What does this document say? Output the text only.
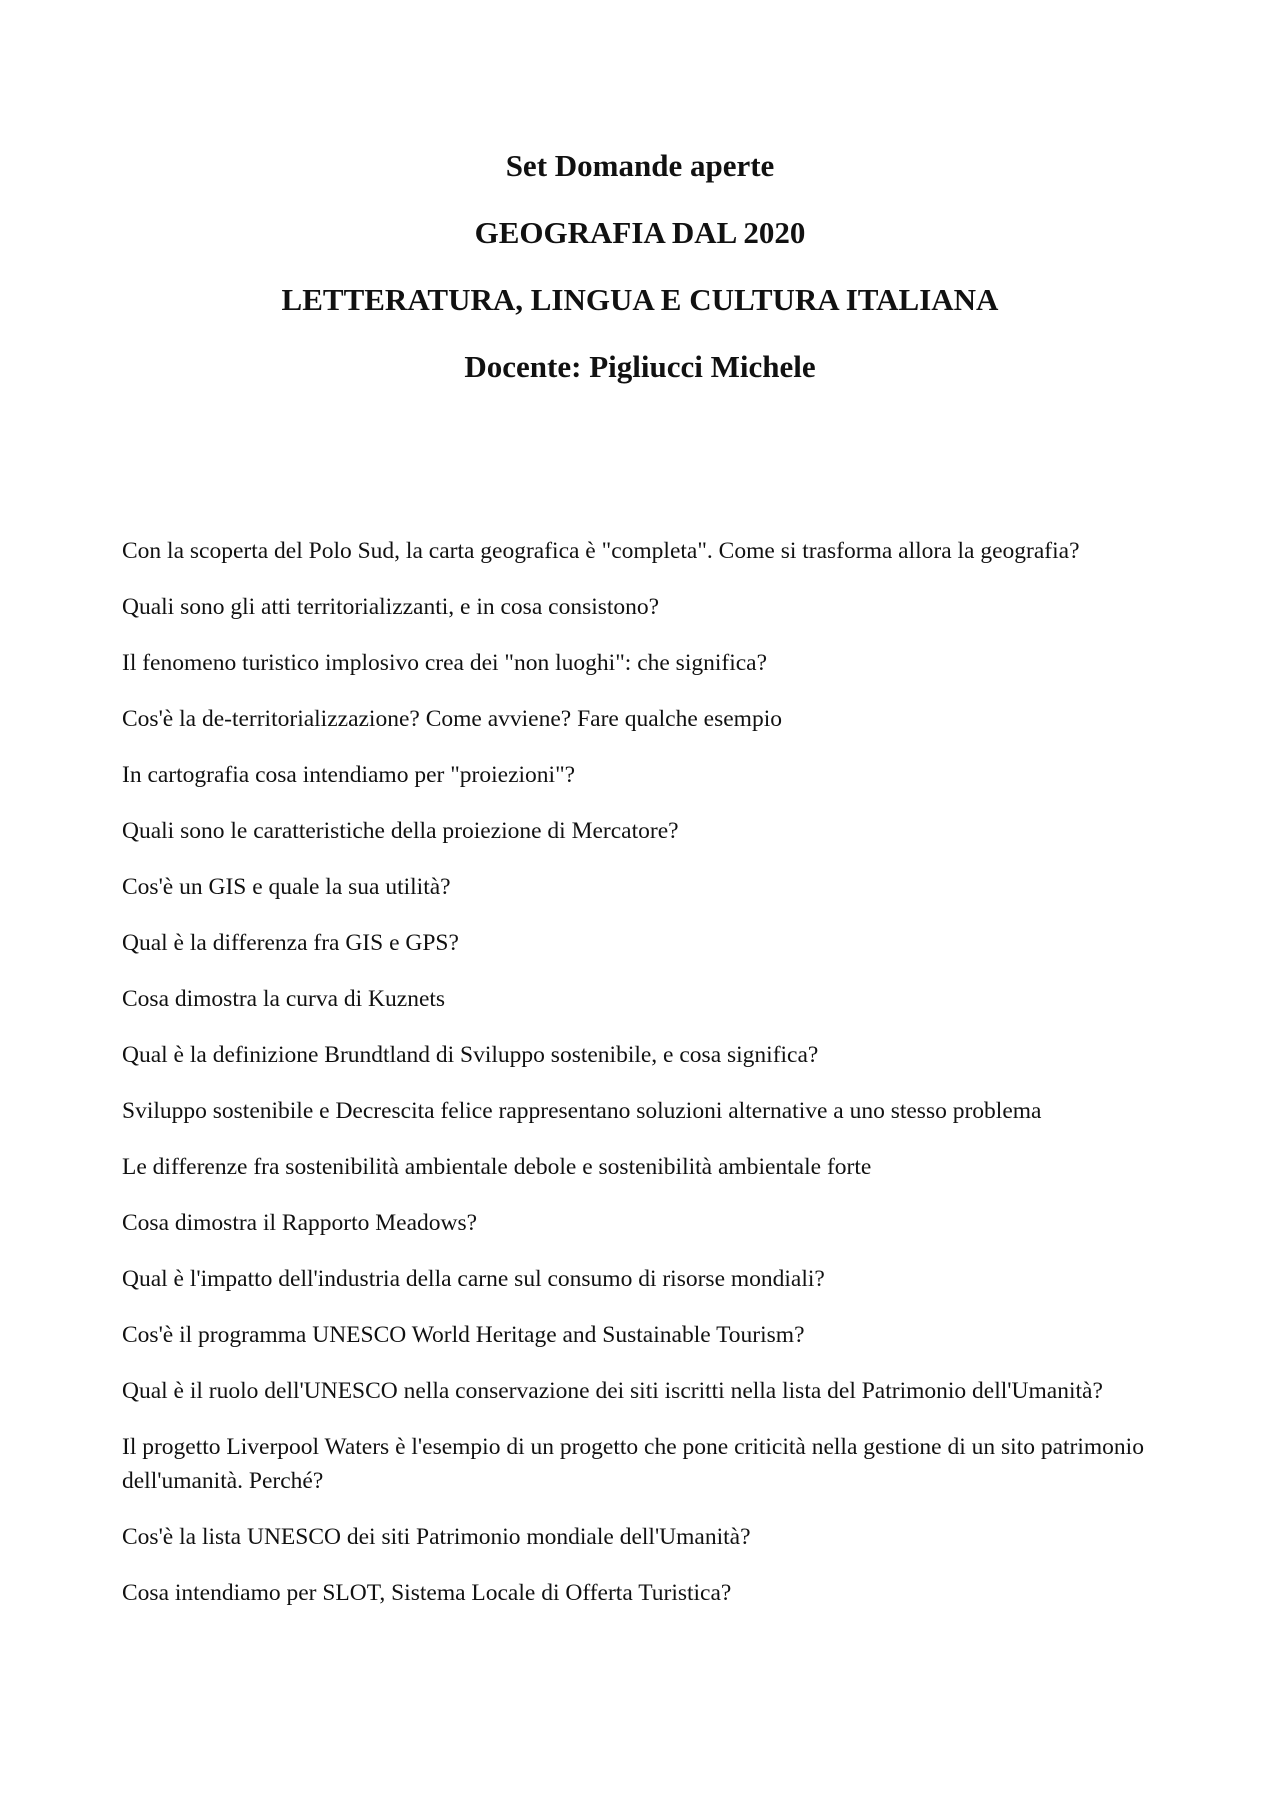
Set Domande aperte
GEOGRAFIA DAL 2020
LETTERATURA, LINGUA E CULTURA ITALIANA
Docente: Pigliucci Michele
Con la scoperta del Polo Sud, la carta geografica è "completa". Come si trasforma allora la geografia?
Quali sono gli atti territorializzanti, e in cosa consistono?
Il fenomeno turistico implosivo crea dei "non luoghi": che significa?
Cos'è la de-territorializzazione? Come avviene? Fare qualche esempio
In cartografia cosa intendiamo per "proiezioni"?
Quali sono le caratteristiche della proiezione di Mercatore?
Cos'è un GIS e quale la sua utilità?
Qual è la differenza fra GIS e GPS?
Cosa dimostra la curva di Kuznets
Qual è la definizione Brundtland di Sviluppo sostenibile, e cosa significa?
Sviluppo sostenibile e Decrescita felice rappresentano soluzioni alternative a uno stesso problema
Le differenze fra sostenibilità ambientale debole e sostenibilità ambientale forte
Cosa dimostra il Rapporto Meadows?
Qual è l'impatto dell'industria della carne sul consumo di risorse mondiali?
Cos'è il programma UNESCO World Heritage and Sustainable Tourism?
Qual è il ruolo dell'UNESCO nella conservazione dei siti iscritti nella lista del Patrimonio dell'Umanità?
Il progetto Liverpool Waters è l'esempio di un progetto che pone criticità nella gestione di un sito patrimonio dell'umanità. Perché?
Cos'è la lista UNESCO dei siti Patrimonio mondiale dell'Umanità?
Cosa intendiamo per SLOT, Sistema Locale di Offerta Turistica?
